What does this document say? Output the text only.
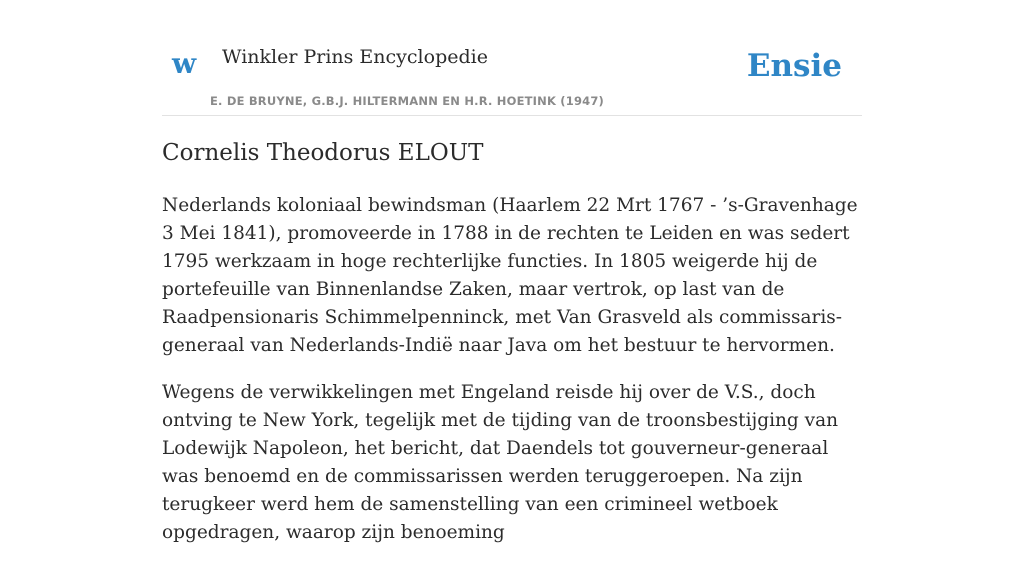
w Winkler Prins Encyclopedie
E. DE BRUYNE, G.B.J. HILTERMANN EN H.R. HOETINK (1947)
Ensie
Cornelis Theodorus ELOUT

Nederlands koloniaal bewindsman (Haarlem 22 Mrt 1767 - ’s-Gravenhage 3 Mei 1841), promoveerde in 1788 in de rechten te Leiden en was sedert 1795 werkzaam in hoge rechterlijke functies. In 1805 weigerde hij de portefeuille van Binnenlandse Zaken, maar vertrok, op last van de Raadpensionaris Schimmelpenninck, met Van Grasveld als commissaris-generaal van Nederlands-Indië naar Java om het bestuur te hervormen.

Wegens de verwikkelingen met Engeland reisde hij over de V.S., doch ontving te New York, tegelijk met de tijding van de troonsbestijging van Lodewijk Napoleon, het bericht, dat Daendels tot gouverneur-generaal was benoemd en de commissarissen werden teruggeroepen. Na zijn terugkeer werd hem de samenstelling van een crimineel wetboek opgedragen, waarop zijn benoeming
